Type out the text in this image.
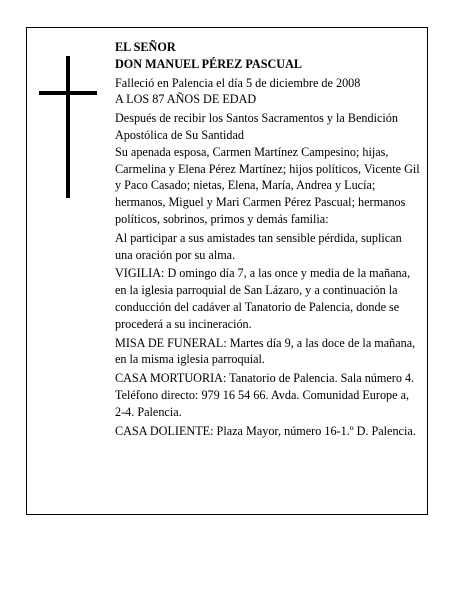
EL SEÑOR

DON MANUEL PÉREZ PASCUAL

Falleció en Palencia el día 5 de diciembre de 2008

A LOS 87 AÑOS DE EDAD

Después de recibir los Santos Sacramentos y la Bendición Apostólica de Su Santidad

Su apenada esposa, Carmen Martínez Campesino; hijas, Carmelina y Elena Pérez Martínez; hijos políticos, Vicente Gil y Paco Casado; nietas, Elena, María, Andrea y Lucía; hermanos, Miguel y Mari Carmen Pérez Pascual; hermanos políticos, sobrinos, primos y demás familia:

Al participar a sus amistades tan sensible pérdida, suplican una oración por su alma.

VIGILIA: D omingo día 7, a las once y media de la mañana, en la iglesia parroquial de San Lázaro, y a continuación la conducción del cadáver al Tanatorio de Palencia, donde se procederá a su incineración.

MISA DE FUNERAL: Martes día 9, a las doce de la mañana, en la misma iglesia parroquial.

CASA MORTUORIA: Tanatorio de Palencia. Sala número 4. Teléfono directo: 979 16 54 66. Avda. Comunidad Europe a, 2-4. Palencia.

CASA DOLIENTE: Plaza Mayor, número 16-1.º D. Palencia.
